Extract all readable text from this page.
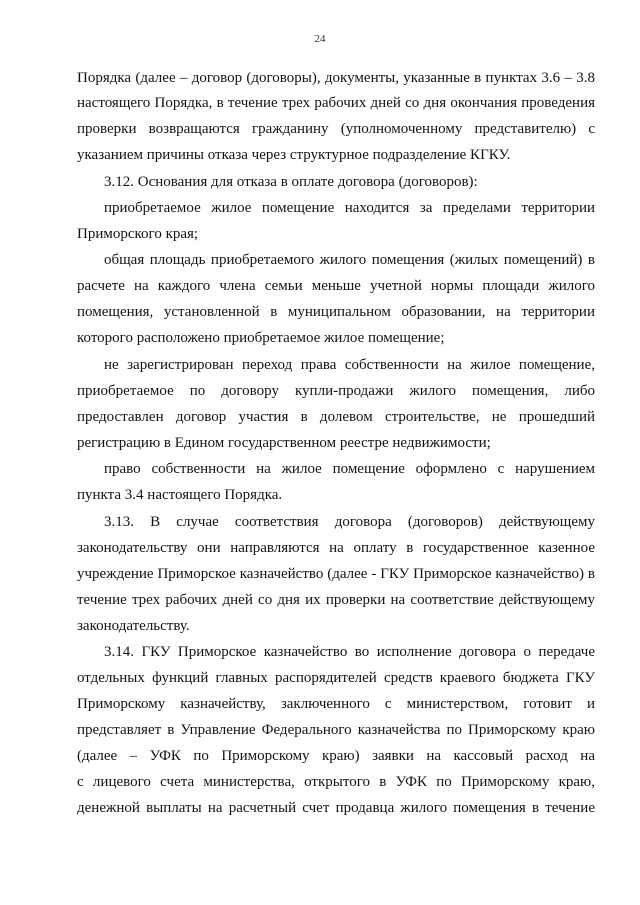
24
Порядка (далее – договор (договоры), документы, указанные в пунктах 3.6 – 3.8
настоящего Порядка, в течение трех рабочих дней со дня окончания проведения
проверки возвращаются гражданину (уполномоченному представителю) с
указанием причины отказа через структурное подразделение КГКУ.
3.12. Основания для отказа в оплате договора (договоров):
приобретаемое жилое помещение находится за пределами территории
Приморского края;
общая площадь приобретаемого жилого помещения (жилых помещений) в
расчете на каждого члена семьи меньше учетной нормы площади жилого
помещения, установленной в муниципальном образовании, на территории
которого расположено приобретаемое жилое помещение;
не зарегистрирован переход права собственности на жилое помещение,
приобретаемое по договору купли-продажи жилого помещения, либо
предоставлен договор участия в долевом строительстве, не прошедший
регистрацию в Едином государственном реестре недвижимости;
право собственности на жилое помещение оформлено с нарушением
пункта 3.4 настоящего Порядка.
3.13. В случае соответствия договора (договоров) действующему
законодательству они направляются на оплату в государственное казенное
учреждение Приморское казначейство (далее - ГКУ Приморское казначейство) в
течение трех рабочих дней со дня их проверки на соответствие действующему
законодательству.
3.14. ГКУ Приморское казначейство во исполнение договора о передаче
отдельных функций главных распорядителей средств краевого бюджета ГКУ
Приморскому казначейству, заключенного с министерством, готовит и
представляет в Управление Федерального казначейства по Приморскому краю
(далее – УФК по Приморскому краю) заявки на кассовый расход на
с лицевого счета министерства, открытого в УФК по Приморскому краю,
денежной выплаты на расчетный счет продавца жилого помещения в течение
